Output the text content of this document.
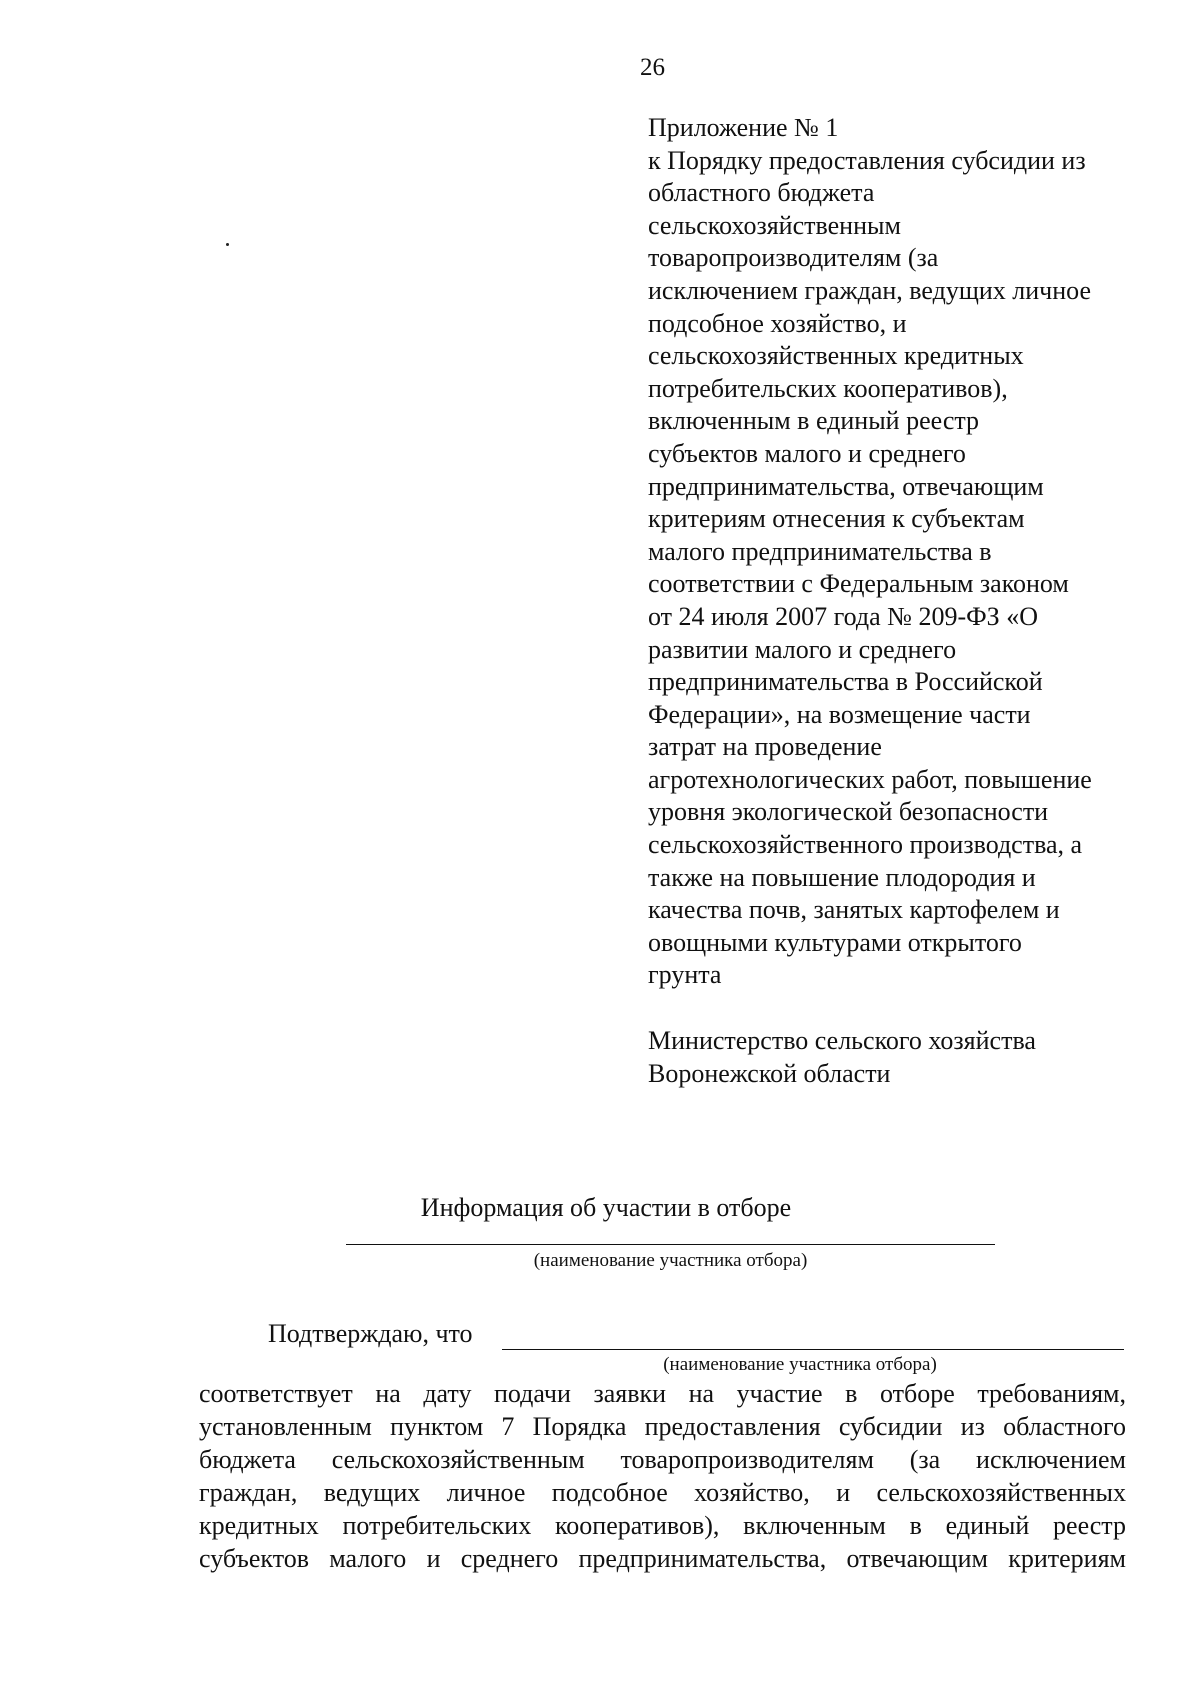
26
Приложение № 1
к Порядку предоставления субсидии из
областного бюджета
сельскохозяйственным
товаропроизводителям (за
исключением граждан, ведущих личное
подсобное хозяйство, и
сельскохозяйственных кредитных
потребительских кооперативов),
включенным в единый реестр
субъектов малого и среднего
предпринимательства, отвечающим
критериям отнесения к субъектам
малого предпринимательства в
соответствии с Федеральным законом
от 24 июля 2007 года № 209-ФЗ «О
развитии малого и среднего
предпринимательства в Российской
Федерации», на возмещение части
затрат на проведение
агротехнологических работ, повышение
уровня экологической безопасности
сельскохозяйственного производства, а
также на повышение плодородия и
качества почв, занятых картофелем и
овощными культурами открытого
грунта
Министерство сельского хозяйства
Воронежской области
Информация об участии в отборе
(наименование участника отбора)
Подтверждаю, что
(наименование участника отбора)
соответствует на дату подачи заявки на участие в отборе требованиям,
установленным пунктом 7 Порядка предоставления субсидии из областного
бюджета сельскохозяйственным товаропроизводителям (за исключением
граждан, ведущих личное подсобное хозяйство, и сельскохозяйственных
кредитных потребительских кооперативов), включенным в единый реестр
субъектов малого и среднего предпринимательства, отвечающим критериям
